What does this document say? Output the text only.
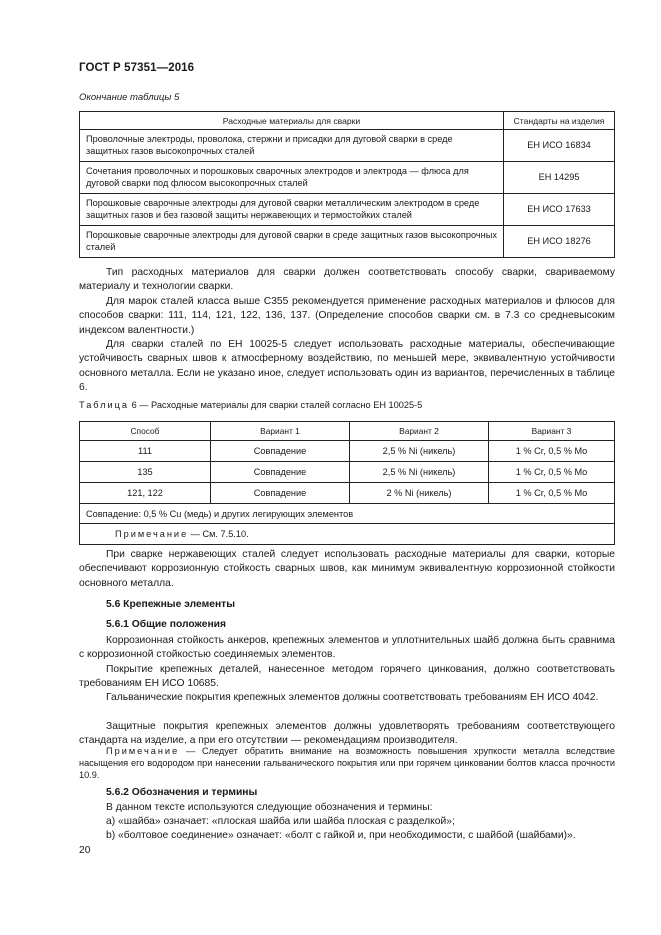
ГОСТ Р 57351—2016
Окончание таблицы 5
Расходные материалы для сварки	Стандарты на изделия
Проволочные электроды, проволока, стержни и присадки для дуговой сварки в среде защитных газов высокопрочных сталей	ЕН ИСО 16834
Сочетания проволочных и порошковых сварочных электродов и электрода — флюса для дуговой сварки под флюсом высокопрочных сталей	ЕН 14295
Порошковые сварочные электроды для дуговой сварки металлическим электродом в среде защитных газов и без газовой защиты нержавеющих и термостойких сталей	ЕН ИСО 17633
Порошковые сварочные электроды для дуговой сварки в среде защитных газов высокопрочных сталей	ЕН ИСО 18276
Тип расходных материалов для сварки должен соответствовать способу сварки, свариваемому материалу и технологии сварки.
Для марок сталей класса выше С355 рекомендуется применение расходных материалов и флюсов для способов сварки: 111, 114, 121, 122, 136, 137. (Определение способов сварки см. в 7.3 со средневысоким индексом валентности.)
Для сварки сталей по ЕН 10025-5 следует использовать расходные материалы, обеспечивающие устойчивость сварных швов к атмосферному воздействию, по меньшей мере, эквивалентную устойчивости основного металла. Если не указано иное, следует использовать один из вариантов, перечисленных в таблице 6.
Таблица 6 — Расходные материалы для сварки сталей согласно ЕН 10025-5
Способ	Вариант 1	Вариант 2	Вариант 3
111	Совпадение	2,5 % Ni (никель)	1 % Cr, 0,5 % Mo
135	Совпадение	2,5 % Ni (никель)	1 % Cr, 0,5 % Mo
121, 122	Совпадение	2 % Ni (никель)	1 % Cr, 0,5 % Mo
Совпадение: 0,5 % Cu (медь) и других легирующих элементов			
Примечание — См. 7.5.10.			
При сварке нержавеющих сталей следует использовать расходные материалы для сварки, которые обеспечивают коррозионную стойкость сварных швов, как минимум эквивалентную коррозионной стойкости основного металла.
5.6 Крепежные элементы
5.6.1 Общие положения
Коррозионная стойкость анкеров, крепежных элементов и уплотнительных шайб должна быть сравнима с коррозионной стойкостью соединяемых элементов.
Покрытие крепежных деталей, нанесенное методом горячего цинкования, должно соответствовать требованиям ЕН ИСО 10685.
Гальванические покрытия крепежных элементов должны соответствовать требованиям ЕН ИСО 4042.
Защитные покрытия крепежных элементов должны удовлетворять требованиям соответствующего стандарта на изделие, а при его отсутствии — рекомендациям производителя.
Примечание — Следует обратить внимание на возможность повышения хрупкости металла вследствие насыщения его водородом при нанесении гальванического покрытия или при горячем цинковании болтов класса прочности 10.9.
5.6.2 Обозначения и термины
В данном тексте используются следующие обозначения и термины:
a) «шайба» означает: «плоская шайба или шайба плоская с разделкой»;
b) «болтовое соединение» означает: «болт с гайкой и, при необходимости, с шайбой (шайбами)».
20
